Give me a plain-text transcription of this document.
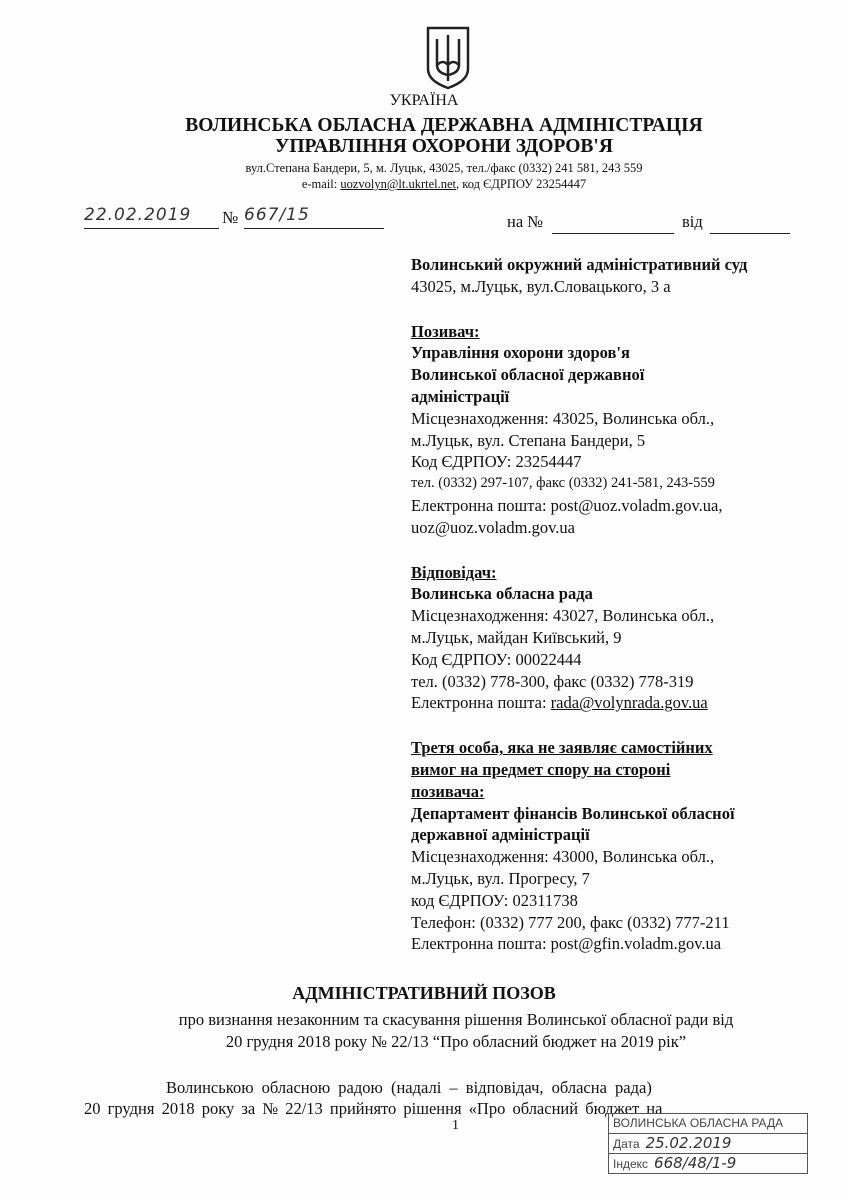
УКРАЇНА
ВОЛИНСЬКА ОБЛАСНА ДЕРЖАВНА АДМІНІСТРАЦІЯ
УПРАВЛІННЯ ОХОРОНИ ЗДОРОВ'Я
вул.Степана Бандери, 5, м. Луцьк, 43025, тел./факс (0332) 241 581, 243 559
e-mail: uozvolyn@lt.ukrtel.net, код ЄДРПОУ 23254447
22.02.2019	№ 667/15	на №	від
Волинський окружний адміністративний суд
43025, м.Луцьк, вул.Словацького, 3 а
Позивач:
Управління охорони здоров'я
Волинської обласної державної
адміністрації
Місцезнаходження: 43025, Волинська обл.,
м.Луцьк, вул. Степана Бандери, 5
Код ЄДРПОУ: 23254447
тел. (0332) 297-107, факс (0332) 241-581, 243-559
Електронна пошта: post@uoz.voladm.gov.ua,
uoz@uoz.voladm.gov.ua
Відповідач:
Волинська обласна рада
Місцезнаходження: 43027, Волинська обл.,
м.Луцьк, майдан Київський, 9
Код ЄДРПОУ: 00022444
тел. (0332) 778-300, факс (0332) 778-319
Електронна пошта: rada@volynrada.gov.ua
Третя особа, яка не заявляє самостійних
вимог на предмет спору на стороні
позивача:
Департамент фінансів Волинської обласної
державної адміністрації
Місцезнаходження: 43000, Волинська обл.,
м.Луцьк, вул. Прогресу, 7
код ЄДРПОУ: 02311738
Телефон: (0332) 777 200, факс (0332) 777-211
Електронна пошта: post@gfin.voladm.gov.ua
АДМІНІСТРАТИВНИЙ ПОЗОВ
про визнання незаконним та скасування рішення Волинської обласної ради від
20 грудня 2018 року № 22/13 “Про обласний бюджет на 2019 рік”
Волинською обласною радою (надалі – відповідач, обласна рада)
20 грудня 2018 року за № 22/13 прийнято рішення «Про обласний бюджет на
1	ВОЛИНСЬКА ОБЛАСНА РАДА
Дата 25.02.2019
Індекс 668/48/1-9
